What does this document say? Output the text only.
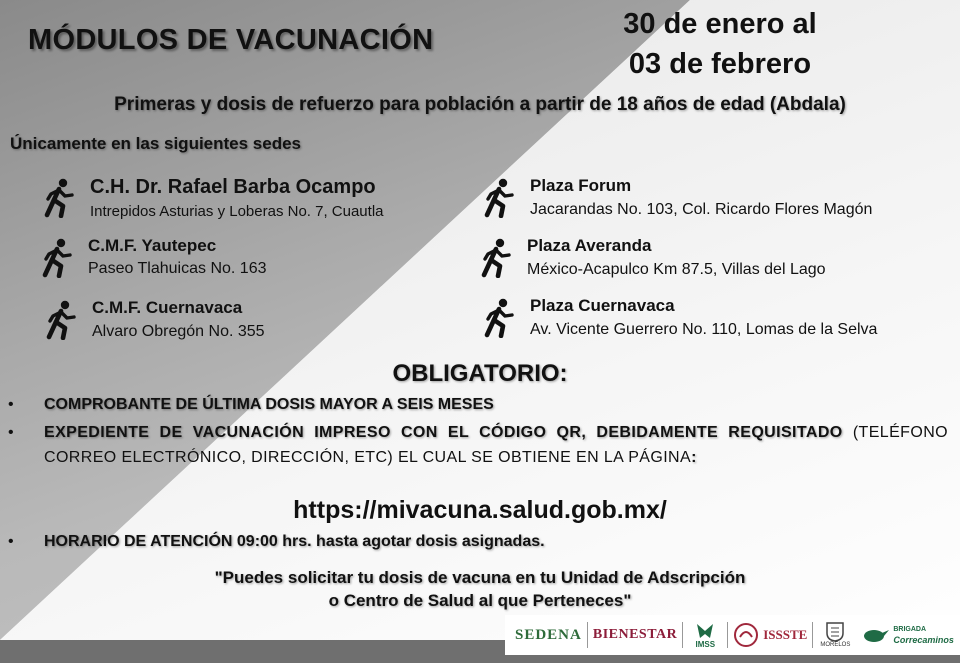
MÓDULOS DE VACUNACIÓN	30 de enero al
03 de febrero
Primeras y dosis de refuerzo para población a partir de 18 años de edad (Abdala)
Únicamente en las siguientes sedes
C.H. Dr. Rafael Barba Ocampo
Intrepidos Asturias y Loberas No. 7, Cuautla
C.M.F. Yautepec
Paseo Tlahuicas No. 163
C.M.F. Cuernavaca
Alvaro Obregón No. 355
Plaza Forum
Jacarandas No. 103, Col. Ricardo Flores Magón
Plaza Averanda
México-Acapulco Km 87.5, Villas del Lago
Plaza Cuernavaca
Av. Vicente Guerrero No. 110, Lomas de la Selva
OBLIGATORIO:
• COMPROBANTE DE ÚLTIMA DOSIS MAYOR A SEIS MESES
• EXPEDIENTE DE VACUNACIÓN IMPRESO CON EL CÓDIGO QR, DEBIDAMENTE REQUISITADO (TELÉFONO CORREO ELECTRÓNICO, DIRECCIÓN, ETC) EL CUAL SE OBTIENE EN LA PÁGINA:
https://mivacuna.salud.gob.mx/
• HORARIO DE ATENCIÓN 09:00 hrs. hasta agotar dosis asignadas.
"Puedes solicitar tu dosis de vacuna en tu Unidad de Adscripción
o Centro de Salud al que Perteneces"
SEDENA BIENESTAR
IMSS
ISSSTE
MORELOS
BRIGADA
Correcaminos
